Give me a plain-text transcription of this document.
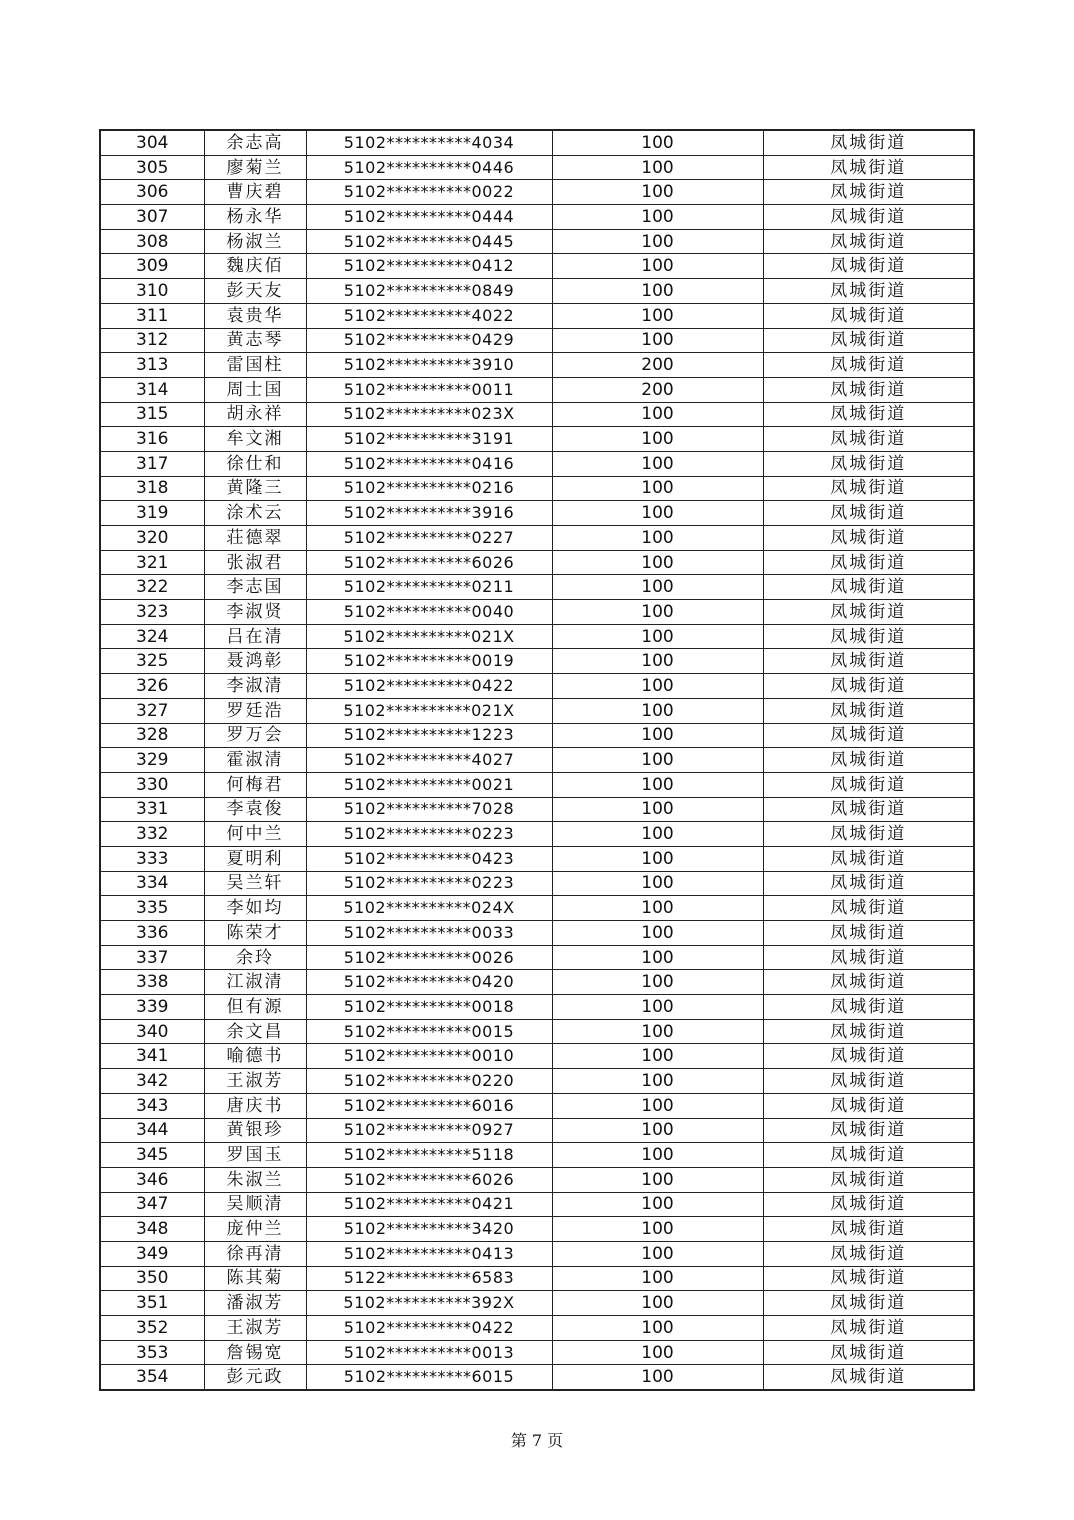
304	余志高	5102**********4034	100	凤城街道
305	廖菊兰	5102**********0446	100	凤城街道
306	曹庆碧	5102**********0022	100	凤城街道
307	杨永华	5102**********0444	100	凤城街道
308	杨淑兰	5102**********0445	100	凤城街道
309	魏庆佰	5102**********0412	100	凤城街道
310	彭天友	5102**********0849	100	凤城街道
311	袁贵华	5102**********4022	100	凤城街道
312	黄志琴	5102**********0429	100	凤城街道
313	雷国柱	5102**********3910	200	凤城街道
314	周士国	5102**********0011	200	凤城街道
315	胡永祥	5102**********023X	100	凤城街道
316	牟文湘	5102**********3191	100	凤城街道
317	徐仕和	5102**********0416	100	凤城街道
318	黄隆三	5102**********0216	100	凤城街道
319	涂术云	5102**********3916	100	凤城街道
320	荘德翠	5102**********0227	100	凤城街道
321	张淑君	5102**********6026	100	凤城街道
322	李志国	5102**********0211	100	凤城街道
323	李淑贤	5102**********0040	100	凤城街道
324	吕在清	5102**********021X	100	凤城街道
325	聂鸿彰	5102**********0019	100	凤城街道
326	李淑清	5102**********0422	100	凤城街道
327	罗廷浩	5102**********021X	100	凤城街道
328	罗万会	5102**********1223	100	凤城街道
329	霍淑清	5102**********4027	100	凤城街道
330	何梅君	5102**********0021	100	凤城街道
331	李袁俊	5102**********7028	100	凤城街道
332	何中兰	5102**********0223	100	凤城街道
333	夏明利	5102**********0423	100	凤城街道
334	吴兰轩	5102**********0223	100	凤城街道
335	李如均	5102**********024X	100	凤城街道
336	陈荣才	5102**********0033	100	凤城街道
337	余玲	5102**********0026	100	凤城街道
338	江淑清	5102**********0420	100	凤城街道
339	但有源	5102**********0018	100	凤城街道
340	余文昌	5102**********0015	100	凤城街道
341	喻德书	5102**********0010	100	凤城街道
342	王淑芳	5102**********0220	100	凤城街道
343	唐庆书	5102**********6016	100	凤城街道
344	黄银珍	5102**********0927	100	凤城街道
345	罗国玉	5102**********5118	100	凤城街道
346	朱淑兰	5102**********6026	100	凤城街道
347	吴顺清	5102**********0421	100	凤城街道
348	庞仲兰	5102**********3420	100	凤城街道
349	徐再清	5102**********0413	100	凤城街道
350	陈其菊	5122**********6583	100	凤城街道
351	潘淑芳	5102**********392X	100	凤城街道
352	王淑芳	5102**********0422	100	凤城街道
353	詹锡宽	5102**********0013	100	凤城街道
354	彭元政	5102**********6015	100	凤城街道
第 7 页
